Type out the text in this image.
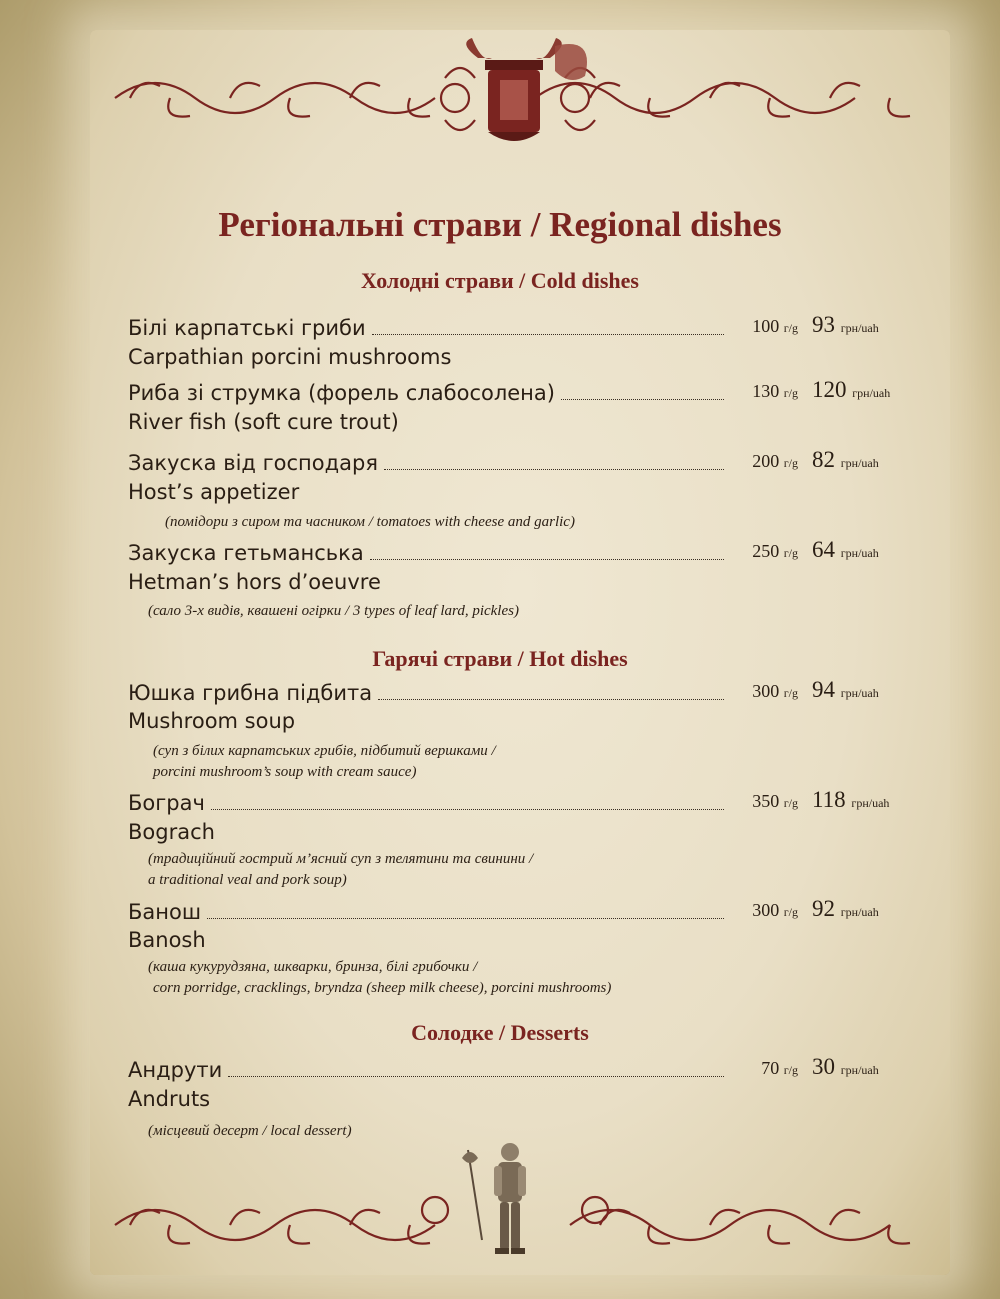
Регіональні страви / Regional dishes
Холодні страви / Cold dishes
Білі карпатські гриби	100 г/g 93 грн/uah
Carpathian porcini mushrooms
Риба зі струмка (форель слабосолена)	130 г/g 120 грн/uah
River fish (soft cure trout)
Закуска від господаря	200 г/g 82 грн/uah
Host’s appetizer
(помідори з сиром та часником / tomatoes with cheese and garlic)
Закуска гетьманська	250 г/g 64 грн/uah
Hetman’s hors d’oeuvre
(сало 3-х видів, квашені огірки / 3 types of leaf lard, pickles)
Гарячі страви / Hot dishes
Юшка грибна підбита	300 г/g 94 грн/uah
Mushroom soup
(суп з білих карпатських грибів, підбитий вершками /
porcini mushroom’s soup with cream sauce)
Бограч	350 г/g 118 грн/uah
Bograch
(традиційний гострий м’ясний суп з телятини та свинини /
a traditional veal and pork soup)
Банош	300 г/g 92 грн/uah
Banosh
(каша кукурудзяна, шкварки, бринза, білі грибочки /
corn porridge, cracklings, bryndza (sheep milk cheese), porcini mushrooms)
Солодке / Desserts
Андрути	70 г/g 30 грн/uah
Andruts
(місцевий десерт / local dessert)
